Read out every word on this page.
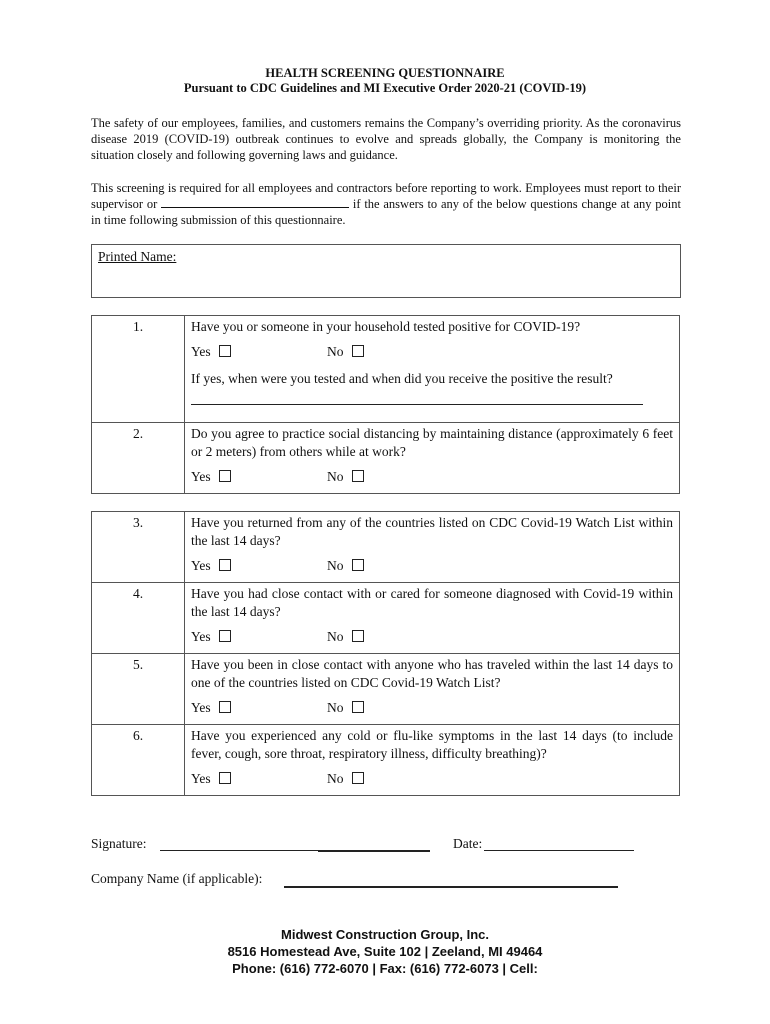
HEALTH SCREENING QUESTIONNAIRE
Pursuant to CDC Guidelines and MI Executive Order 2020-21 (COVID-19)
The safety of our employees, families, and customers remains the Company’s overriding priority. As the coronavirus disease 2019 (COVID-19) outbreak continues to evolve and spreads globally, the Company is monitoring the situation closely and following governing laws and guidance.
This screening is required for all employees and contractors before reporting to work. Employees must report to their supervisor or	if the answers to any of the below questions change at any point in time following submission of this questionnaire.
Printed Name:
1.	Have you or someone in your household tested positive for COVID-19?
Yes No
If yes, when were you tested and when did you receive the positive the result?

2.	Do you agree to practice social distancing by maintaining distance (approximately 6 feet or 2 meters) from others while at work?
Yes No
3.	Have you returned from any of the countries listed on CDC Covid-19 Watch List within the last 14 days?
Yes No

4.	Have you had close contact with or cared for someone diagnosed with Covid-19 within the last 14 days?
Yes No

5.	Have you been in close contact with anyone who has traveled within the last 14 days to one of the countries listed on CDC Covid-19 Watch List?
Yes No

6.	Have you experienced any cold or flu-like symptoms in the last 14 days (to include fever, cough, sore throat, respiratory illness, difficulty breathing)?
Yes No
Signature:	Date:
Company Name (if applicable):
Midwest Construction Group, Inc.
8516 Homestead Ave, Suite 102 | Zeeland, MI 49464
Phone: (616) 772-6070 | Fax: (616) 772-6073 | Cell:
